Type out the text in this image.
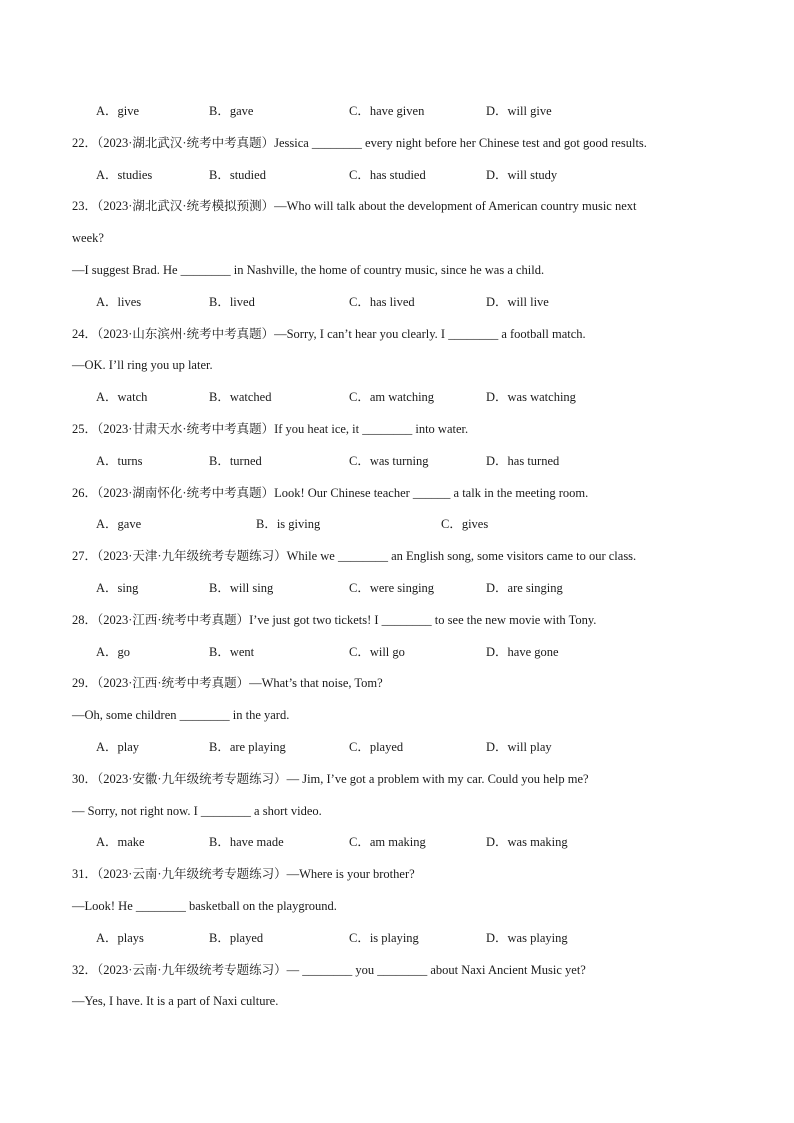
A．give	B．gave	C．have given	D．will give
22．（2023·湖北武汉·统考中考真题）Jessica ________ every night before her Chinese test and got good results.
A．studies	B．studied	C．has studied	D．will study
23．（2023·湖北武汉·统考模拟预测）—Who will talk about the development of American country music next
week?
—I suggest Brad. He ________ in Nashville, the home of country music, since he was a child.
A．lives	B．lived	C．has lived	D．will live
24．（2023·山东滨州·统考中考真题）—Sorry, I can’t hear you clearly. I ________ a football match.
—OK. I’ll ring you up later.
A．watch	B．watched	C．am watching	D．was watching
25．（2023·甘肃天水·统考中考真题）If you heat ice, it ________ into water.
A．turns	B．turned	C．was turning	D．has turned
26．（2023·湖南怀化·统考中考真题）Look! Our Chinese teacher ______ a talk in the meeting room.
A．gave	B．is giving	C．gives
27．（2023·天津·九年级统考专题练习）While we ________ an English song, some visitors came to our class.
A．sing	B．will sing	C．were singing	D．are singing
28．（2023·江西·统考中考真题）I’ve just got two tickets! I ________ to see the new movie with Tony.
A．go	B．went	C．will go	D．have gone
29．（2023·江西·统考中考真题）—What’s that noise, Tom?
—Oh, some children ________ in the yard.
A．play	B．are playing	C．played	D．will play
30．（2023·安徽·九年级统考专题练习）— Jim, I’ve got a problem with my car. Could you help me?
— Sorry, not right now. I ________ a short video.
A．make	B．have made	C．am making	D．was making
31．（2023·云南·九年级统考专题练习）—Where is your brother?
—Look! He ________ basketball on the playground.
A．plays	B．played	C．is playing	D．was playing
32．（2023·云南·九年级统考专题练习）— ________ you ________ about Naxi Ancient Music yet?
—Yes, I have. It is a part of Naxi culture.
